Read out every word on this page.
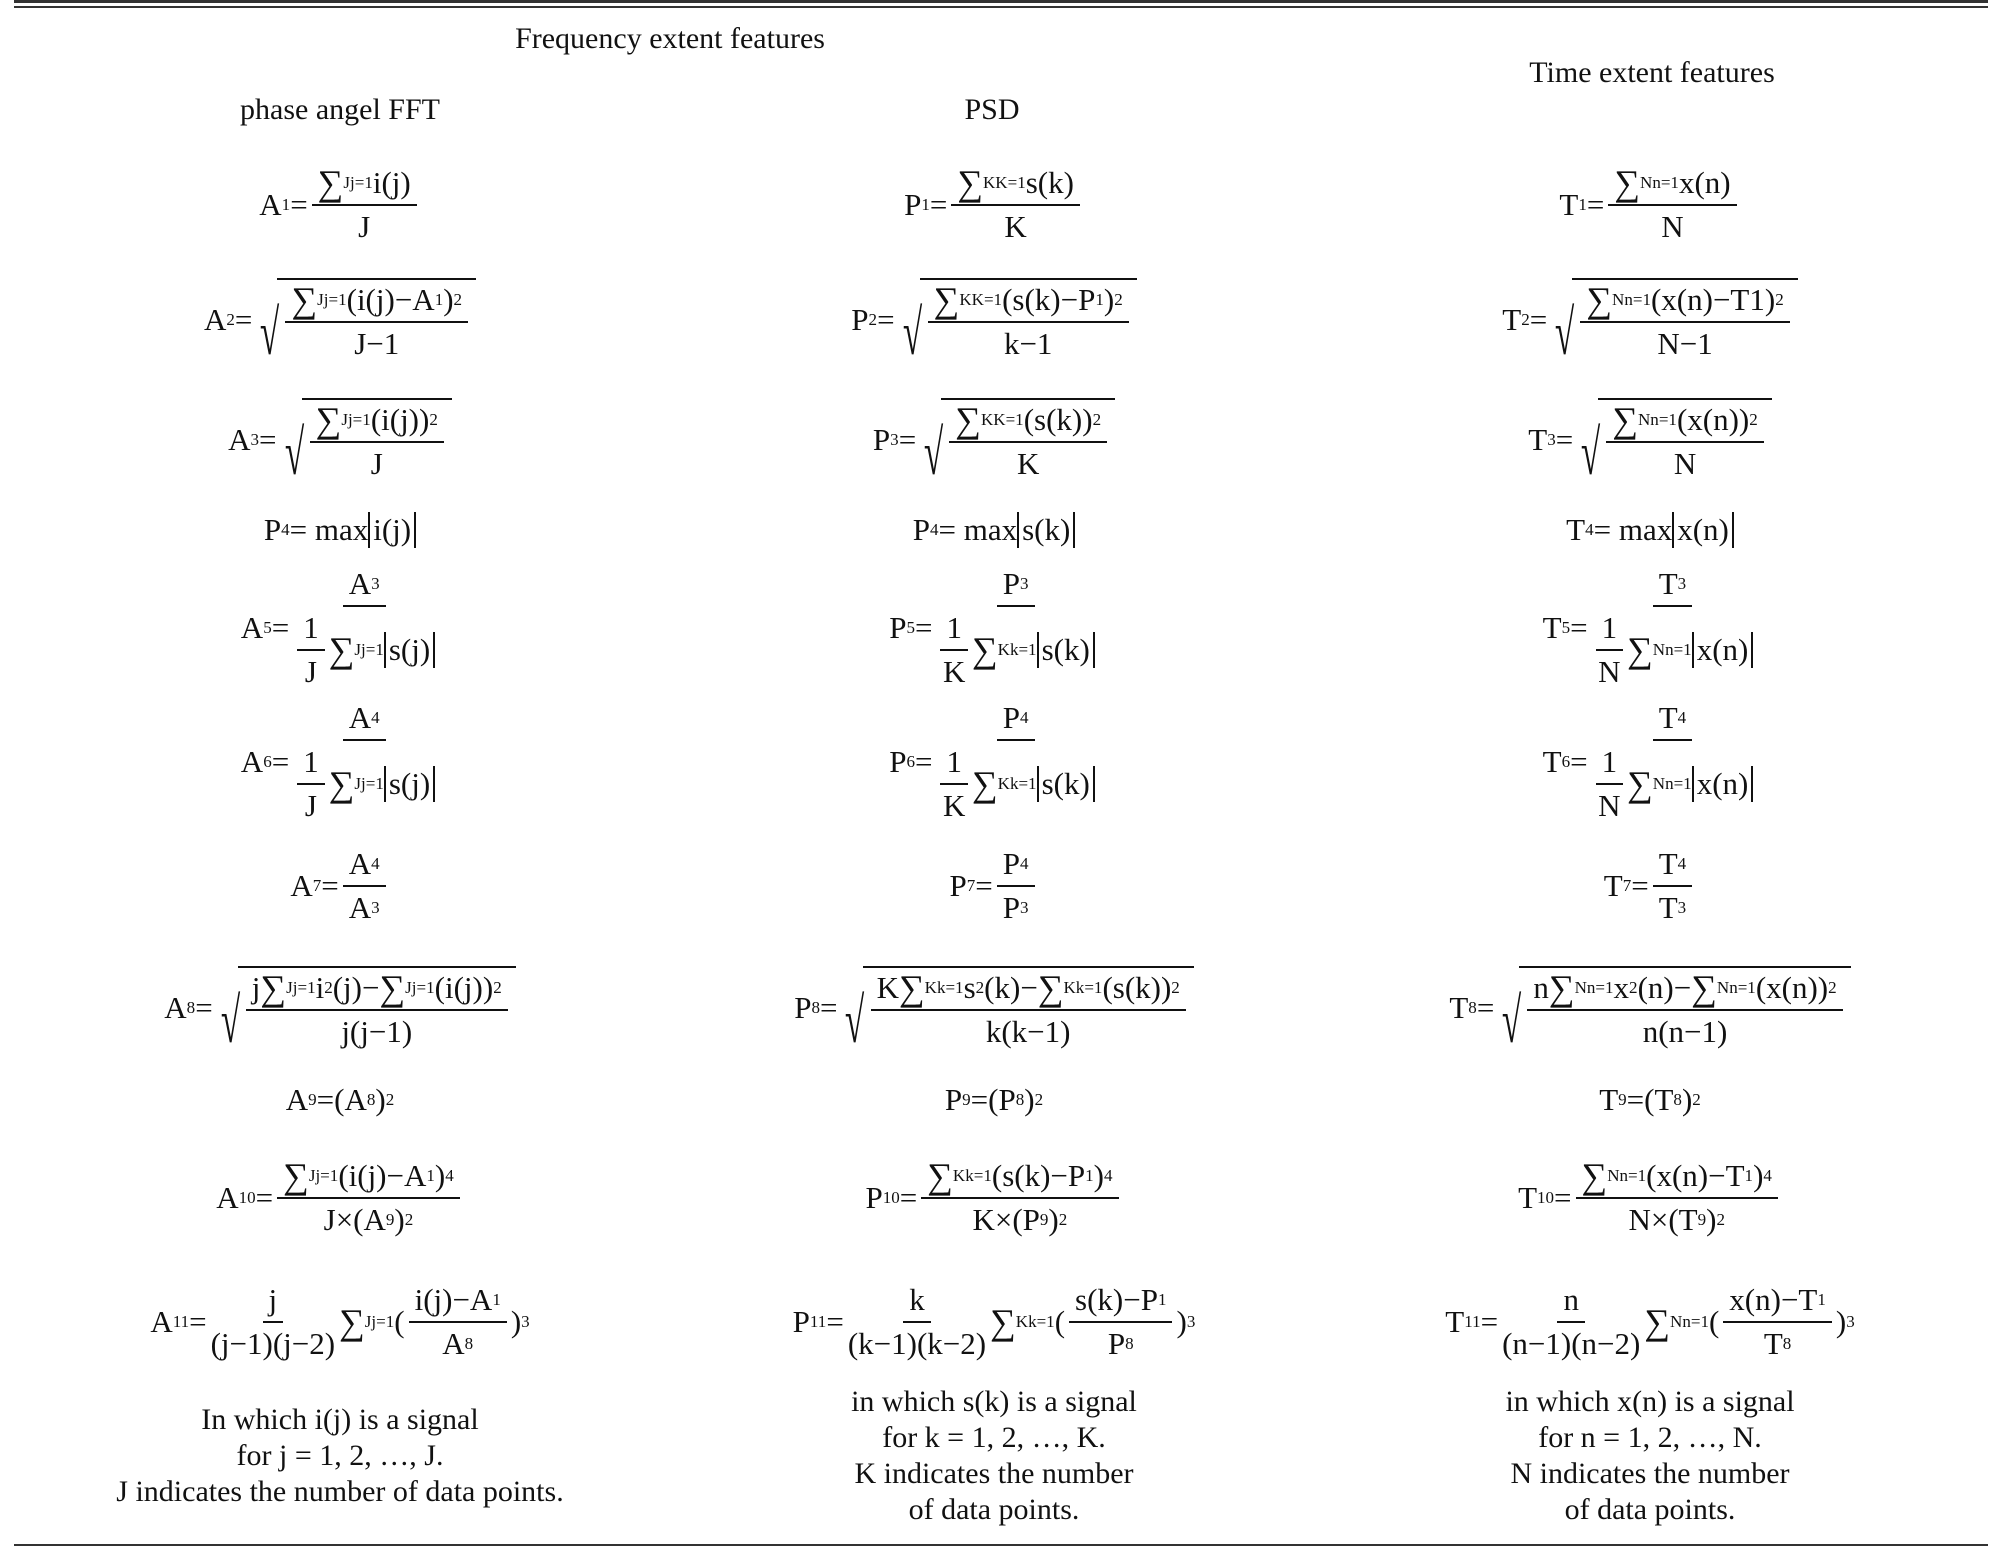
Frequency extent features
Time extent features
phase angel FFT	PSD
A $1 = \frac{\text{∑ J j=1 i(j)}}{J}$
A 2 = √ $\frac{\text{∑ J j=1 (i(j)−A 1 ) 2}}{J-1}$
A 3 = √ $\frac{\text{∑ J j=1 (i(j)) 2}}{J}$
P 4 = max i(j)
A $5 = \frac{A 3}{\frac{1}{J} \sum J j=1 s(j)}$
A $6 = \frac{A 4}{\frac{1}{J} \sum J j=1 s(j)}$
A $7 = \frac{A 4}{A 3}$
A 8 = √ $\frac{\text{j ∑ J j=1 i 2 (j)− ∑ J j=1 (i(j)) 2}}{j(j-1)}$
A 9 =(A 8 ) 2
A $10 = \frac{\text{∑ J j=1 (i(j)−A 1 ) 4}}{J\times(A 9 ) 2}$
A $11 = \frac{j}{(j-1)(j-2)}$ ∑ J j=1 ( $\frac{i(j)-A 1}{A 8}$ ) 3
In which i(j) is a signal
for j = 1, 2, …, J.
J indicates the number of data points.
P $1 = \frac{\text{∑ K K=1 s(k)}}{K}$
P 2 = √ $\frac{\text{∑ K K=1 (s(k)−P 1 ) 2}}{k-1}$
P 3 = √ $\frac{\text{∑ K K=1 (s(k)) 2}}{K}$
P 4 = max s(k)
P $5 = \frac{P 3}{\frac{1}{K} \sum K k=1 s(k)}$
P $6 = \frac{P 4}{\frac{1}{K} \sum K k=1 s(k)}$
P $7 = \frac{P 4}{P 3}$
P 8 = √ $\frac{\text{K ∑ K k=1 s 2 (k)− ∑ K k=1 (s(k)) 2}}{k(k-1)}$
P 9 =(P 8 ) 2
P $10 = \frac{\text{∑ K k=1 (s(k)−P 1 ) 4}}{K\times(P 9 ) 2}$
P $11 = \frac{k}{(k-1)(k-2)}$ ∑ K k=1 ( $\frac{s(k)-P 1}{P 8}$ ) 3
in which s(k) is a signal
for k = 1, 2, …, K.
K indicates the number
of data points.
T $1 = \frac{\text{∑ N n=1 x(n)}}{N}$
T 2 = √ $\frac{\text{∑ N n=1 (x(n)−T1) 2}}{N-1}$
T 3 = √ $\frac{\text{∑ N n=1 (x(n)) 2}}{N}$
T 4 = max x(n)
T $5 = \frac{T 3}{\frac{1}{N} \sum N n=1 x(n)}$
T $6 = \frac{T 4}{\frac{1}{N} \sum N n=1 x(n)}$
T $7 = \frac{T 4}{T 3}$
T 8 = √ $\frac{\text{n ∑ N n=1 x 2 (n)− ∑ N n=1 (x(n)) 2}}{n(n-1)}$
T 9 =(T 8 ) 2
T $10 = \frac{\text{∑ N n=1 (x(n)−T 1 ) 4}}{N\times(T 9 ) 2}$
T $11 = \frac{n}{(n-1)(n-2)}$ ∑ N n=1 ( $\frac{x(n)-T 1}{T 8}$ ) 3
in which x(n) is a signal
for n = 1, 2, …, N.
N indicates the number
of data points.
